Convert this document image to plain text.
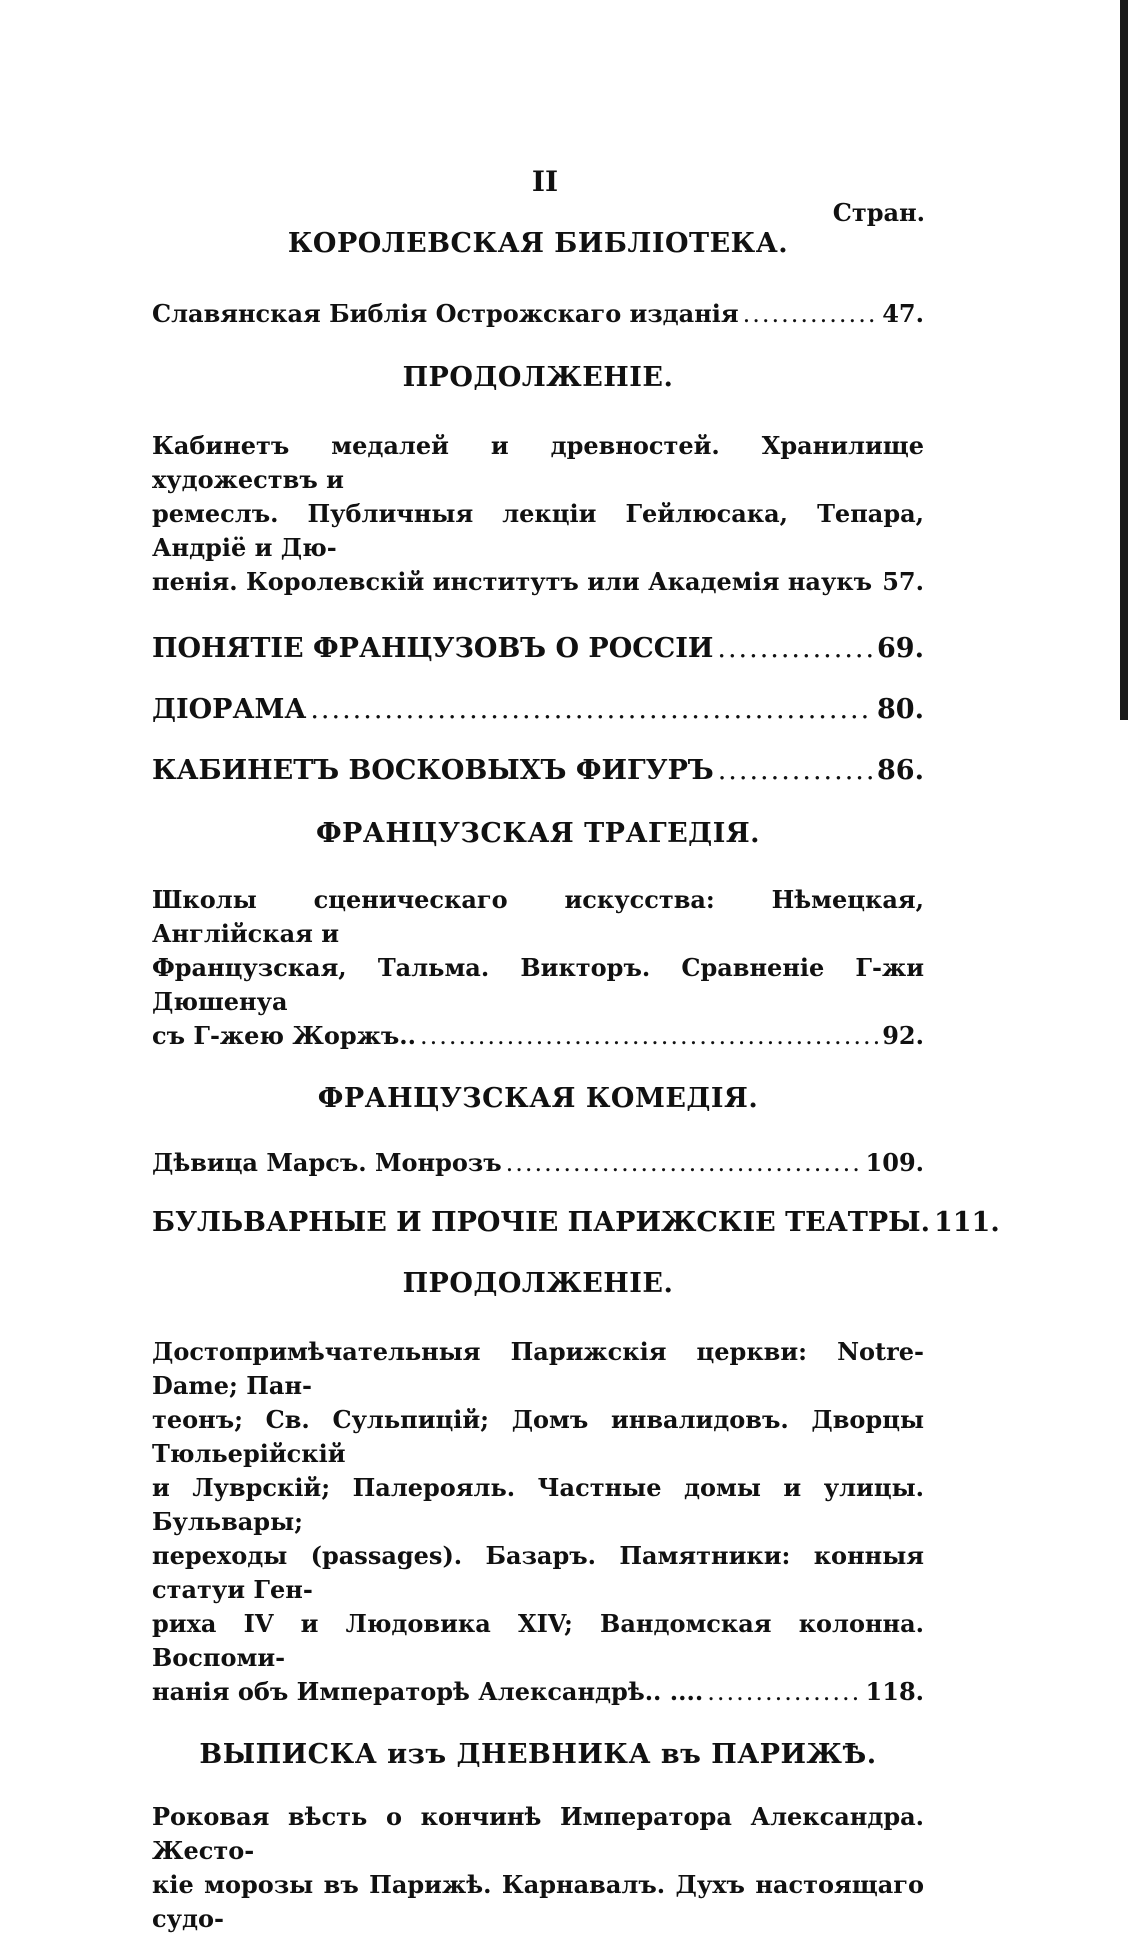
II
Стран.
КОРОЛЕВСКАЯ БИБЛІОТЕКА.
Славянская Библія Острожскаго изданія .....	47.
ПРОДОЛЖЕНІЕ.
Кабинетъ медалей и древностей. Хранилище художествъ и
ремеслъ. Публичныя лекціи Гейлюсака, Тепара, Андріё и Дю-
пенія. Королевскій институтъ или Академія наукъ ..... 57.
ПОНЯТІЕ ФРАНЦУЗОВЪ О РОССІИ .....	69.
ДІОРАМА .....	80.
КАБИНЕТЪ ВОСКОВЫХЪ ФИГУРЪ .....	86.
ФРАНЦУЗСКАЯ ТРАГЕДІЯ.
Школы сценическаго искусства: Нѣмецкая, Англійская и
Французская, Тальма. Викторъ. Сравненіе Г-жи Дюшенуа
съ Г-жею Жоржъ.. .....	92.
ФРАНЦУЗСКАЯ КОМЕДІЯ.
Дѣвица Марсъ. Монрозъ .....	109.
БУЛЬВАРНЫЕ И ПРОЧІЕ ПАРИЖСКІЕ ТЕАТРЫ. 111.
ПРОДОЛЖЕНІЕ.
Достопримѣчательныя Парижскія церкви: Notre-Dame; Пан-
теонъ; Св. Сульпицій; Домъ инвалидовъ. Дворцы Тюльерійскій
и Луврскій; Палерояль. Частные домы и улицы. Бульвары;
переходы (passages). Базаръ. Памятники: конныя статуи Ген-
риха IV и Людовика XIV; Вандомская колонна. Воспоми-
нанія объ Императорѣ Александрѣ.. .... .....	118.
ВЫПИСКА изъ ДНЕВНИКА въ ПАРИЖѢ.
Роковая вѣсть о кончинѣ Императора Александра. Жесто-
кіе морозы въ Парижѣ. Карнавалъ. Духъ настоящаго судо-
